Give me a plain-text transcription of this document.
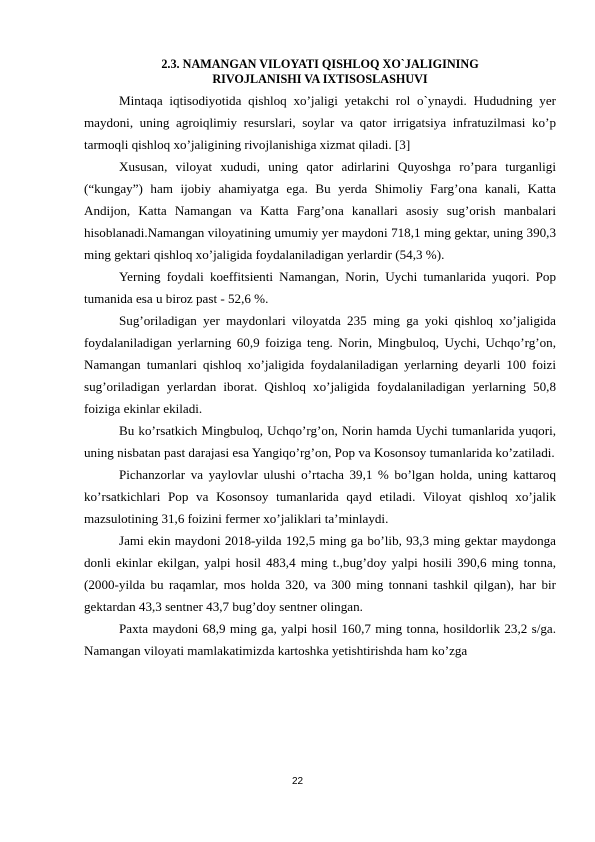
2.3. NAMANGAN VILOYATI QISHLOQ XO`JALIGINING
RIVOJLANISHI VA IXTISOSLASHUVI

Mintaqa iqtisodiyotida qishloq xo’jaligi yetakchi rol o`ynaydi. Hududning yer maydoni, uning agroiqlimiy resurslari, soylar va qator irrigatsiya infratuzilmasi ko’p tarmoqli qishloq xo’jaligining rivojlanishiga xizmat qiladi. [3]

Xususan, viloyat xududi, uning qator adirlarini Quyoshga ro’para turganligi (“kungay”) ham ijobiy ahamiyatga ega. Bu yerda Shimoliy Farg’ona kanali, Katta Andijon, Katta Namangan va Katta Farg’ona kanallari asosiy sug’orish manbalari hisoblanadi.Namangan viloyatining umumiy yer maydoni 718,1 ming gektar, uning 390,3 ming gektari qishloq xo’jaligida foydalaniladigan yerlardir (54,3 %).

Yerning foydali koeffitsienti Namangan, Norin, Uychi tumanlarida yuqori. Pop tumanida esa u biroz past - 52,6 %.

Sug’oriladigan yer maydonlari viloyatda 235 ming ga yoki qishloq xo’jaligida foydalaniladigan yerlarning 60,9 foiziga teng. Norin, Mingbuloq, Uychi, Uchqo’rg’on, Namangan tumanlari qishloq xo’jaligida foydalaniladigan yerlarning deyarli 100 foizi sug’oriladigan yerlardan iborat. Qishloq xo’jaligida foydalaniladigan yerlarning 50,8 foiziga ekinlar ekiladi.

Bu ko’rsatkich Mingbuloq, Uchqo’rg’on, Norin hamda Uychi tumanlarida yuqori, uning nisbatan past darajasi esa Yangiqo’rg’on, Pop va Kosonsoy tumanlarida ko’zatiladi.

Pichanzorlar va yaylovlar ulushi o’rtacha 39,1 % bo’lgan holda, uning kattaroq ko’rsatkichlari Pop va Kosonsoy tumanlarida qayd etiladi. Viloyat qishloq xo’jalik mazsulotining 31,6 foizini fermer xo’jaliklari ta’minlaydi.

Jami ekin maydoni 2018-yilda 192,5 ming ga bo’lib, 93,3 ming gektar maydonga donli ekinlar ekilgan, yalpi hosil 483,4 ming t.,bug’doy yalpi hosili 390,6 ming tonna, (2000-yilda bu raqamlar, mos holda 320, va 300 ming tonnani tashkil qilgan), har bir gektardan 43,3 sentner 43,7 bug’doy sentner olingan.

Paxta maydoni 68,9 ming ga, yalpi hosil 160,7 ming tonna, hosildorlik 23,2 s/ga. Namangan viloyati mamlakatimizda kartoshka yetishtirishda ham ko’zga

22
